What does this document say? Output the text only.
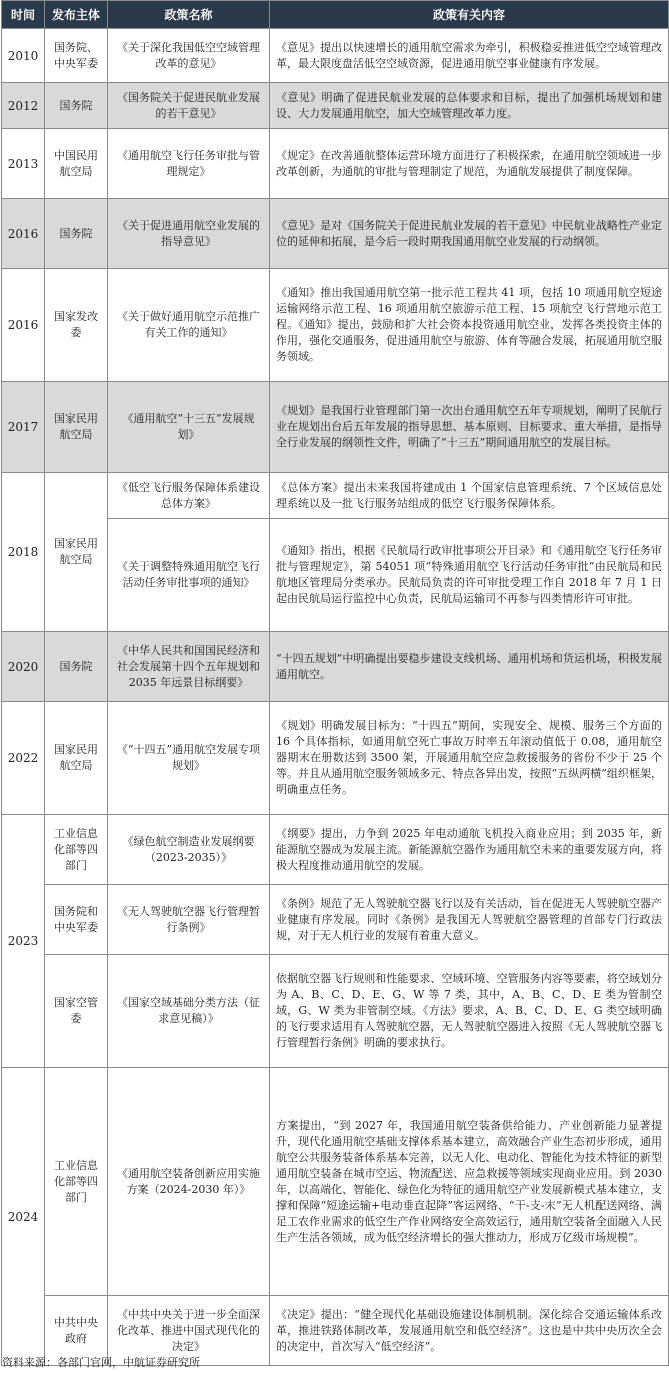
时间	发布主体	政策名称	政策有关内容
2010	国务院、中央军委	《关于深化我国低空空域管理改革的意见》	《意见》提出以快速增长的通用航空需求为牵引，积极稳妥推进低空空域管理改革，最大限度盘活低空空域资源，促进通用航空事业健康有序发展。
2012	国务院	《国务院关于促进民航业发展的若干意见》	《意见》明确了促进民航业发展的总体要求和目标，提出了加强机场规划和建设、大力发展通用航空，加大空域管理改革力度。
2013	中国民用航空局	《通用航空飞行任务审批与管理规定》	《规定》在改善通航整体运营环境方面进行了积极探索，在通用航空领域进一步改革创新，为通航的审批与管理制定了规范，为通航发展提供了制度保障。
2016	国务院	《关于促进通用航空业发展的指导意见》	《意见》是对《国务院关于促进民航业发展的若干意见》中民航业战略性产业定位的延伸和拓展，是今后一段时期我国通用航空业发展的行动纲领。
2016	国家发改委	《关于做好通用航空示范推广有关工作的通知》	《通知》推出我国通用航空第一批示范工程共 41 项，包括 10 项通用航空短途运输网络示范工程、16 项通用航空旅游示范工程、15 项航空飞行营地示范工程。《通知》提出，鼓励和扩大社会资本投资通用航空业，发挥各类投资主体的作用，强化交通服务，促进通用航空与旅游、体育等融合发展，拓展通用航空服务领域。
2017	国家民用航空局	《通用航空“十三五”发展规划》	《规划》是我国行业管理部门第一次出台通用航空五年专项规划，阐明了民航行业在规划出台后五年发展的指导思想、基本原则、目标要求、重大举措，是指导全行业发展的纲领性文件，明确了“十三五”期间通用航空的发展目标。
2018	国家民用航空局	《低空飞行服务保障体系建设总体方案》	《总体方案》提出未来我国将建成由 1 个国家信息管理系统、7 个区域信息处理系统以及一批飞行服务站组成的低空飞行服务保障体系。
		《关于调整特殊通用航空飞行活动任务审批事项的通知》	《通知》指出，根据《民航局行政审批事项公开目录》和《通用航空飞行任务审批与管理规定》，第 54051 项“特殊通用航空飞行活动任务审批”由民航局和民航地区管理局分类承办。民航局负责的许可审批受理工作自 2018 年 7 月 1 日起由民航局运行监控中心负责，民航局运输司不再参与四类情形许可审批。
2020	国务院	《中华人民共和国国民经济和社会发展第十四个五年规划和 2035 年远景目标纲要》	“十四五规划”中明确提出要稳步建设支线机场、通用机场和货运机场，积极发展通用航空。
2022	国家民用航空局	《“十四五”通用航空发展专项规划》	《规划》明确发展目标为：“十四五”期间，实现安全、规模、服务三个方面的 16 个具体指标，如通用航空死亡事故万时率五年滚动值低于 0.08，通用航空器期末在册数达到 3500 架，开展通用航空应急救援服务的省份不少于 25 个等。并且从通用航空服务领域多元、特点各异出发，按照“五纵两横”组织框架，明确重点任务。
2023	工业信息化部等四部门	《绿色航空制造业发展纲要（2023-2035）》	《纲要》提出，力争到 2025 年电动通航飞机投入商业应用；到 2035 年，新能源航空器成为发展主流。新能源航空器作为通用航空未来的重要发展方向，将极大程度推动通用航空的发展。
	国务院和中央军委	《无人驾驶航空器飞行管理暂行条例》	《条例》规范了无人驾驶航空器飞行以及有关活动，旨在促进无人驾驶航空器产业健康有序发展。同时《条例》是我国无人驾驶航空器管理的首部专门行政法规，对于无人机行业的发展有着重大意义。
	国家空管委	《国家空域基础分类方法（征求意见稿）》	依据航空器飞行规则和性能要求、空域环境、空管服务内容等要素，将空域划分为 A、B、C、D、E、G、W 等 7 类，其中，A、B、C、D、E 类为管制空域，G、W 类为非管制空域。《方法》要求，A、B、C、D、E、G 类空域明确的飞行要求适用有人驾驶航空器，无人驾驶航空器进入按照《无人驾驶航空器飞行管理暂行条例》明确的要求执行。
2024	工业信息化部等四部门	《通用航空装备创新应用实施方案（2024-2030 年）》	方案提出，“到 2027 年，我国通用航空装备供给能力、产业创新能力显著提升，现代化通用航空基础支撑体系基本建立，高效融合产业生态初步形成，通用航空公共服务装备体系基本完善，以无人化、电动化、智能化为技术特征的新型通用航空装备在城市空运、物流配送、应急救援等领域实现商业应用。到 2030 年，以高端化、智能化、绿色化为特征的通用航空产业发展新模式基本建立，支撑和保障“短途运输+电动垂直起降”客运网络、“干-支-末”无人机配送网络、满足工农作业需求的低空生产作业网络安全高效运行，通用航空装备全面融入人民生产生活各领域，成为低空经济增长的强大推动力，形成万亿级市场规模”。
	中共中央政府	《中共中央关于进一步全面深化改革、推进中国式现代化的决定》	《决定》提出：“健全现代化基础设施建设体制机制。深化综合交通运输体系改革，推进铁路体制改革，发展通用航空和低空经济”。这也是中共中央历次全会的决定中，首次写入“低空经济”。
资料来源：各部门官网，中航证券研究所
